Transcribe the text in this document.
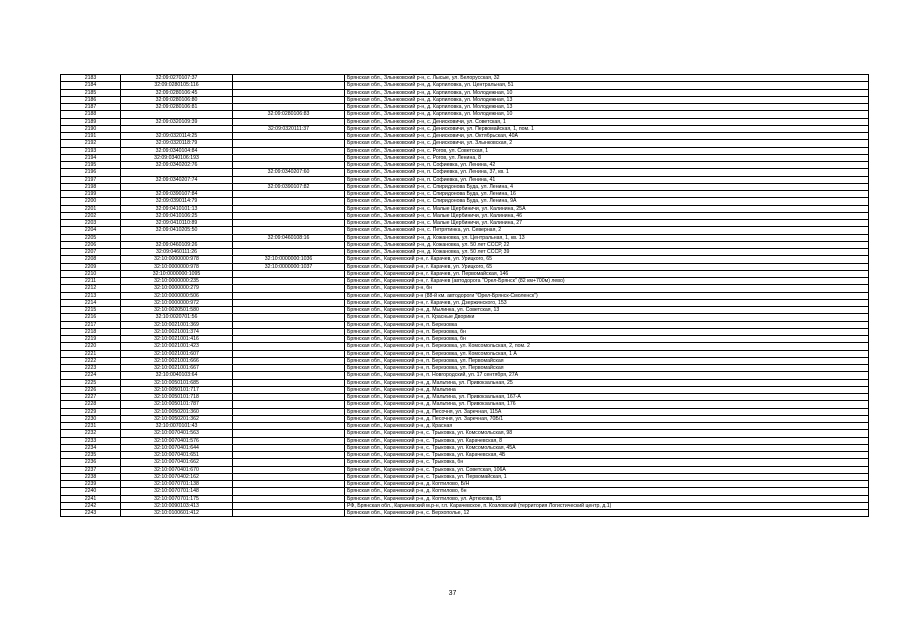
2183	32:09:0270107:37		Брянская обл., Злынковский р-н, с. Лысые, ул. Белорусская, 32
2184	32:09:0280105:116		Брянская обл., Злынковский р-н, д. Карпиловка, ул. Центральная, 51
2185	32:09:0280106:45		Брянская обл., Злынковский р-н, д. Карпиловка, ул. Молодежная, 10
2186	32:09:0280106:80		Брянская обл., Злынковский р-н, д. Карпиловка, ул. Молодежная, 13
2187	32:09:0280106:81		Брянская обл., Злынковский р-н, д. Карпиловка, ул. Молодежная, 13
2188		32:09:0280106:83	Брянская обл., Злынковский р-н, д. Карпиловка, ул. Молодежная, 10
2189	32:09:0320109:39		Брянская обл., Злынковский р-н, с. Денисковичи, ул. Советская, 1
2190		32:09:0320111:37	Брянская обл., Злынковский р-н, с. Денисковичи, ул. Первомайская, 1, пом. 1
2191	32:09:0320114:25		Брянская обл., Злынковский р-н, с. Денисковичи, ул. Октябрьская, 40А
2192	32:09:0320118:79		Брянская обл., Злынковский р-н, с. Денисковичи, ул. Злынковская, 2
2193	32:09:0340104:84		Брянская обл., Злынковский р-н, с. Рогов, ул. Советская, 1
2194	32:09:0340106:193		Брянская обл., Злынковский р-н, с. Рогов, ул. Ленина, 8
2195	32:09:0340202:76		Брянская обл., Злынковский р-н, п. Софиевка, ул. Ленина, 42
2196		32:09:0340207:60	Брянская обл., Злынковский р-н, п. Софиевка, ул. Ленина, 37, кв. 1
2197	32:09:0340207:74		Брянская обл., Злынковский р-н, п. Софиевка, ул. Ленина, 41
2198		32:09:0390107:82	Брянская обл., Злынковский р-н, с. Спиридонова Буда, ул. Ленина, 4
2199	32:09:0390107:84		Брянская обл., Злынковский р-н, с. Спиридонова Буда, ул. Ленина, 16
2200	32:09:0390114:79		Брянская обл., Злынковский р-н, с. Спиридонова Буда, ул. Ленина, 9А
2201	32:09:0410101:13		Брянская обл., Злынковский р-н, с. Малые Щербиничи, ул. Калинина, 25А
2202	32:09:0410106:25		Брянская обл., Злынковский р-н, с. Малые Щербиничи, ул. Калинина, 46
2203	32:09:0410110:89		Брянская обл., Злынковский р-н, с. Малые Щербиничи, ул. Калинина, 27
2204	32:09:0410205:50		Брянская обл., Злынковский р-н, с. Петрятинка, ул. Северная, 2
2205		32:09:0460108:16	Брянская обл., Злынковский р-н, д. Кожановка, ул. Центральная, 1, кв. 13
2206	32:09:0460109:26		Брянская обл., Злынковский р-н, д. Кожановка, ул. 50 лет СССР, 22
2207	32:09:0460111:26		Брянская обл., Злынковский р-н, д. Кожановка, ул. 50 лет СССР, 39
2208	32:10:0000000:978	32:10:0000000:1036	Брянская обл., Карачевский р-н, г. Карачев, ул. Урицкого, 65
2209	32:10:0000000:978	32:10:0000000:1037	Брянская обл., Карачевский р-н, г. Карачев, ул. Урицкого, 65
2210	32:10:0000000:1095		Брянская обл., Карачевский р-н, г. Карачев, ул. Первомайская, 146
2211	32:10:0000000:235		Брянская обл., Карачевский р-н, г. Карачев (автодорога "Орел-Брянск" (82 км+700м) лево)
2212	32:10:0000000:279		Брянская обл., Карачевский р-н, бн
2213	32:10:0000000:506		Брянская обл., Карачевский р-н (88-й км. автодороги "Орел-Брянск-Смоленск")
2214	32:10:0000000:972		Брянская обл., Карачевский р-н, г. Карачев, ул. Дзержинского, 153
2215	32:10:0020501:580		Брянская обл., Карачевский р-н, д. Мылинка, ул. Советская, 13
2216	32:10:0020701:56		Брянская обл., Карачевский р-н, п. Красные Дворики
2217	32:10:0021001:369		Брянская обл., Карачевский р-н, п. Березовка
2218	32:10:0021001:374		Брянская обл., Карачевский р-н, п. Березовка, бн
2219	32:10:0021001:416		Брянская обл., Карачевский р-н, п. Березовка, бн
2220	32:10:0021001:423		Брянская обл., Карачевский р-н, п. Березовка, ул. Комсомольская, 2, пом. 2
2221	32:10:0021001:607		Брянская обл., Карачевский р-н, п. Березовка, ул. Комсомольская, 1 А
2222	32:10:0021001:666		Брянская обл., Карачевский р-н, п. Березовка, ул. Первомайская
2223	32:10:0021001:667		Брянская обл., Карачевский р-н, п. Березовка, ул. Первомайская
2224	32:10:0040103:64		Брянская обл., Карачевский р-н, п. Новгородский, ул. 17 сентября, 27А
2225	32:10:0050101:685		Брянская обл., Карачевский р-н, д. Мальтина, ул. Привокзальная, 25
2226	32:10:0050101:717		Брянская обл., Карачевский р-н, д. Мальтина
2227	32:10:0050101:718		Брянская обл., Карачевский р-н, д. Мальтина, ул. Привокзальная, 167-А
2228	32:10:0050101:787		Брянская обл., Карачевский р-н, д. Мальтина, ул. Привокзальная, 176
2229	32:10:0050201:360		Брянская обл., Карачевский р-н, д. Песочня, ул. Заречная, 115А
2230	32:10:0050201:362		Брянская обл., Карачевский р-н, д. Песочня, ул. Заречная, 70Б/1
2231	32:10:0070101:43		Брянская обл., Карачевский р-н, д. Красная
2232	32:10:0070401:563		Брянская обл., Карачевский р-н, с. Трыковка, ул. Комсомольская, 98
2233	32:10:0070401:576		Брянская обл., Карачевский р-н, с. Трыковка, ул. Карачевская, 8
2234	32:10:0070401:644		Брянская обл., Карачевский р-н, с. Трыковка, ул. Комсомольская, 45А
2235	32:10:0070401:651		Брянская обл., Карачевский р-н, с. Трыковка, ул. Карачевская, 4Б
2236	32:10:0070401:662		Брянская обл., Карачевский р-н, с. Трыковка, бн
2237	32:10:0070401:670		Брянская обл., Карачевский р-н, с. Трыковка, ул. Советская, 106А
2238	32:10:0070402:162		Брянская обл., Карачевский р-н, с. Трыковка, ул. Первомайская, 1
2239	32:10:0070701:138		Брянская обл., Карачевский р-н, д. Коптилово, Б/Н
2240	32:10:0070701:148		Брянская обл., Карачевский р-н, д. Коптилово, бн
2241	32:10:0070701:175		Брянская обл., Карачевский р-н, д. Коптилово, ул. Артюхова, 15
2242	32:10:0090103:413		РФ, Брянская обл., Карачевский м.р-н, г.п. Карачевское, п. Козловский (территория Логистический центр, д.1)
2243	32:10:0100601:412		Брянская обл., Карачевский р-н, с. Верхополье, 12
37
